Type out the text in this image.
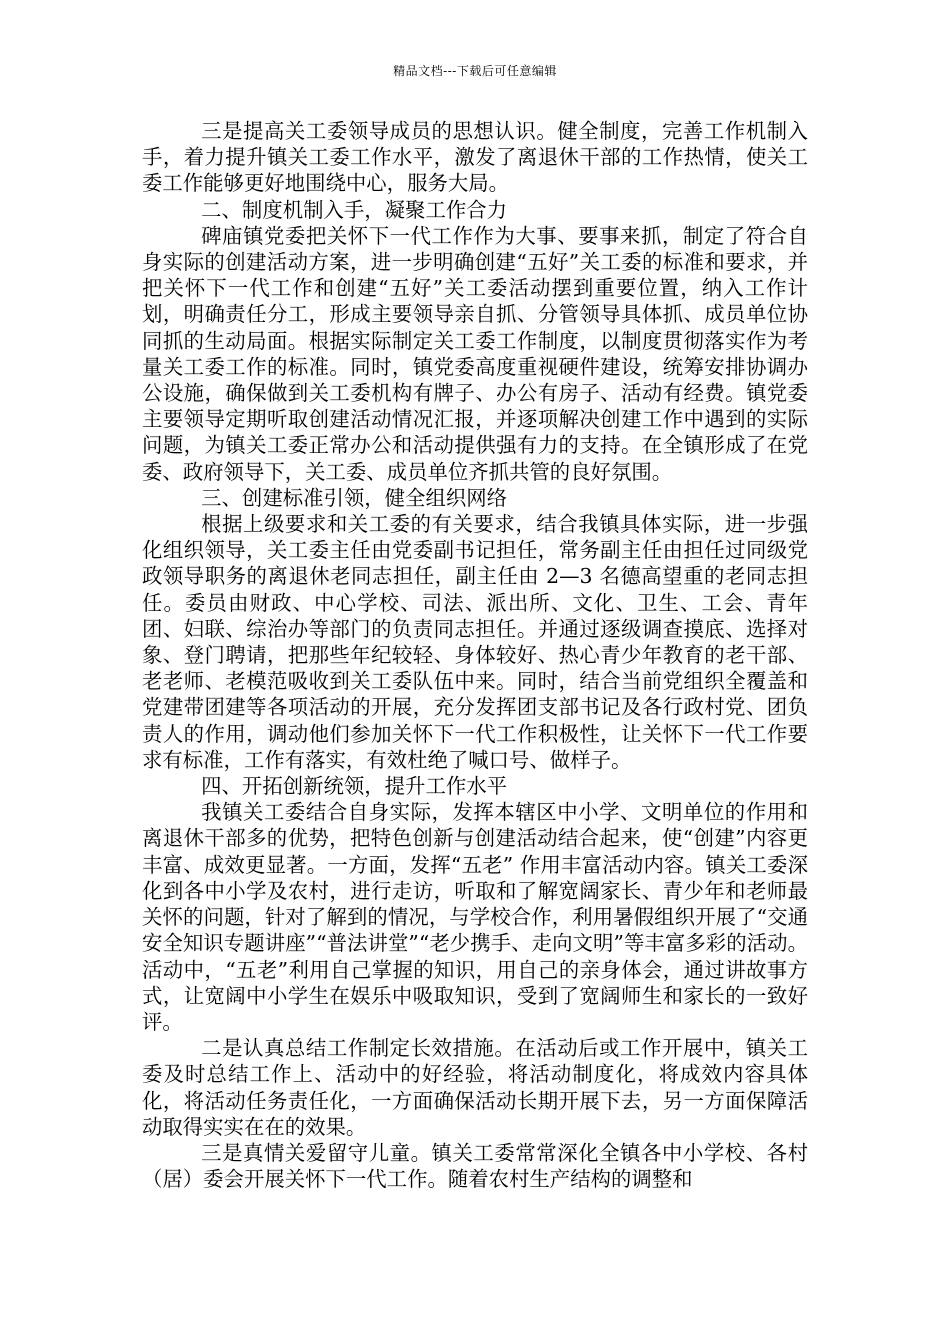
精品文档---下载后可任意编辑

三是提高关工委领导成员的思想认识。健全制度，完善工作机制入手，着力提升镇关工委工作水平，激发了离退休干部的工作热情，使关工委工作能够更好地围绕中心，服务大局。

二、制度机制入手，凝聚工作合力

碑庙镇党委把关怀下一代工作作为大事、要事来抓，制定了符合自身实际的创建活动方案，进一步明确创建“五好”关工委的标准和要求，并把关怀下一代工作和创建“五好”关工委活动摆到重要位置，纳入工作计划，明确责任分工，形成主要领导亲自抓、分管领导具体抓、成员单位协同抓的生动局面。根据实际制定关工委工作制度，以制度贯彻落实作为考量关工委工作的标准。同时，镇党委高度重视硬件建设，统筹安排协调办公设施，确保做到关工委机构有牌子、办公有房子、活动有经费。镇党委主要领导定期听取创建活动情况汇报，并逐项解决创建工作中遇到的实际问题，为镇关工委正常办公和活动提供强有力的支持。在全镇形成了在党委、政府领导下，关工委、成员单位齐抓共管的良好氛围。

三、创建标准引领，健全组织网络

根据上级要求和关工委的有关要求，结合我镇具体实际，进一步强化组织领导，关工委主任由党委副书记担任，常务副主任由担任过同级党政领导职务的离退休老同志担任，副主任由 2—3 名德高望重的老同志担任。委员由财政、中心学校、司法、派出所、文化、卫生、工会、青年团、妇联、综治办等部门的负责同志担任。并通过逐级调查摸底、选择对象、登门聘请，把那些年纪较轻、身体较好、热心青少年教育的老干部、老老师、老模范吸收到关工委队伍中来。同时，结合当前党组织全覆盖和党建带团建等各项活动的开展，充分发挥团支部书记及各行政村党、团负责人的作用，调动他们参加关怀下一代工作积极性，让关怀下一代工作要求有标准，工作有落实，有效杜绝了喊口号、做样子。

四、开拓创新统领，提升工作水平

我镇关工委结合自身实际，发挥本辖区中小学、文明单位的作用和离退休干部多的优势，把特色创新与创建活动结合起来，使“创建”内容更丰富、成效更显著。一方面，发挥“五老” 作用丰富活动内容。镇关工委深化到各中小学及农村，进行走访，听取和了解宽阔家长、青少年和老师最关怀的问题，针对了解到的情况，与学校合作，利用暑假组织开展了“交通安全知识专题讲座”“普法讲堂”“老少携手、走向文明”等丰富多彩的活动。活动中，“五老”利用自己掌握的知识，用自己的亲身体会，通过讲故事方式，让宽阔中小学生在娱乐中吸取知识，受到了宽阔师生和家长的一致好评。

二是认真总结工作制定长效措施。在活动后或工作开展中，镇关工委及时总结工作上、活动中的好经验，将活动制度化，将成效内容具体化，将活动任务责任化，一方面确保活动长期开展下去，另一方面保障活动取得实实在在的效果。

三是真情关爱留守儿童。镇关工委常常深化全镇各中小学校、各村（居）委会开展关怀下一代工作。随着农村生产结构的调整和
